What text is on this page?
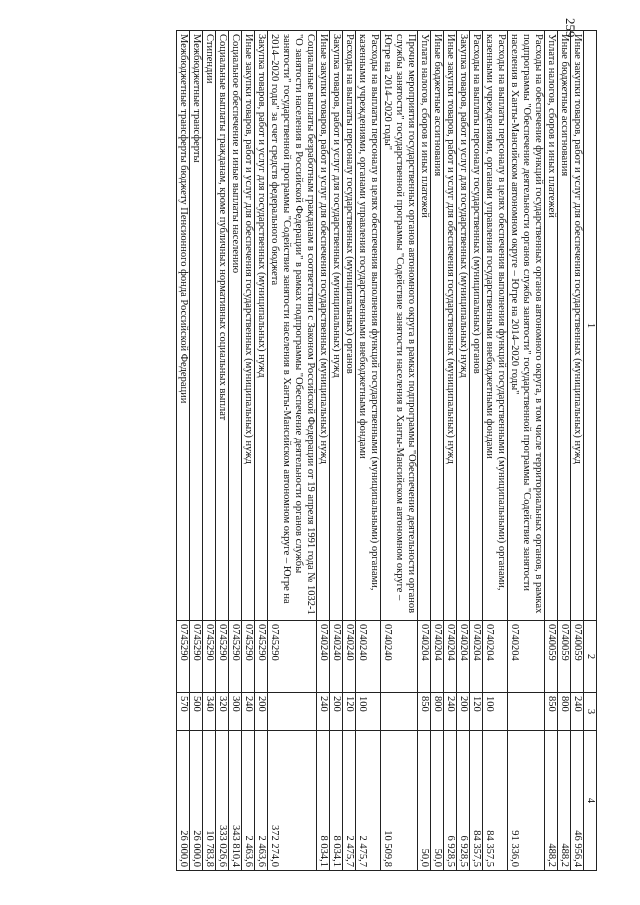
259
1	2	3	4
Иные закупки товаров, работ и услуг для обеспечения государственных (муниципальных) нужд	0740059	240	46 956,4
Иные бюджетные ассигнования	0740059	800	488,2
Уплата налогов, сборов и иных платежей	0740059	850	488,2
Расходы на обеспечение функций государственных органов автономного округа, в том числе территориальных органов, в рамках подпрограммы "Обеспечение деятельности органов службы занятости" государственной программы "Содействие занятости населения в Ханты-Мансийском автономном округе – Югре на 2014–2020 годы"	0740204		91 336,0
Расходы на выплаты персоналу в целях обеспечения выполнения функций государственными (муниципальными) органами, казенными учреждениями, органами управления государственными внебюджетными фондами	0740204	100	84 357,5
Расходы на выплаты персоналу государственных (муниципальных) органов	0740204	120	84 357,5
Закупка товаров, работ и услуг для государственных (муниципальных) нужд	0740204	200	6 928,5
Иные закупки товаров, работ и услуг для обеспечения государственных (муниципальных) нужд	0740204	240	6 928,5
Иные бюджетные ассигнования	0740204	800	50,0
Уплата налогов, сборов и иных платежей	0740204	850	50,0
Прочие мероприятия государственных органов автономного округа в рамках подпрограммы "Обеспечение деятельности органов службы занятости" государственной программы "Содействие занятости населения в Ханты-Мансийском автономном округе – Югре на 2014–2020 годы"	0740240		10 509,8
Расходы на выплаты персоналу в целях обеспечения выполнения функций государственными (муниципальными) органами, казенными учреждениями, органами управления государственными внебюджетными фондами	0740240	100	2 475,7
Расходы на выплаты персоналу государственных (муниципальных) органов	0740240	120	2 475,7
Закупка товаров, работ и услуг для государственных (муниципальных) нужд	0740240	200	8 034,1
Иные закупки товаров, работ и услуг для обеспечения государственных (муниципальных) нужд	0740240	240	8 034,1
Социальные выплаты безработным гражданам в соответствии с Законом Российской Федерации от 19 апреля 1991 года № 1032-1 "О занятости населения в Российской Федерации" в рамках подпрограммы "Обеспечение деятельности органов службы занятости" государственной программы "Содействие занятости населения в Ханты-Мансийском автономном округе – Югре на 2014–2020 годы" за счет средств федерального бюджета	0745290		372 274,0
Закупка товаров, работ и услуг для государственных (муниципальных) нужд	0745290	200	2 463,6
Иные закупки товаров, работ и услуг для обеспечения государственных (муниципальных) нужд	0745290	240	2 463,6
Социальное обеспечение и иные выплаты населению	0745290	300	343 810,4
Социальные выплаты гражданам, кроме публичных нормативных социальных выплат	0745290	320	333 026,6
Стипендии	0745290	340	10 783,8
Межбюджетные трансферты	0745290	500	26 000,0
Межбюджетные трансферты бюджету Пенсионного фонда Российской Федерации	0745290	570	26 000,0
